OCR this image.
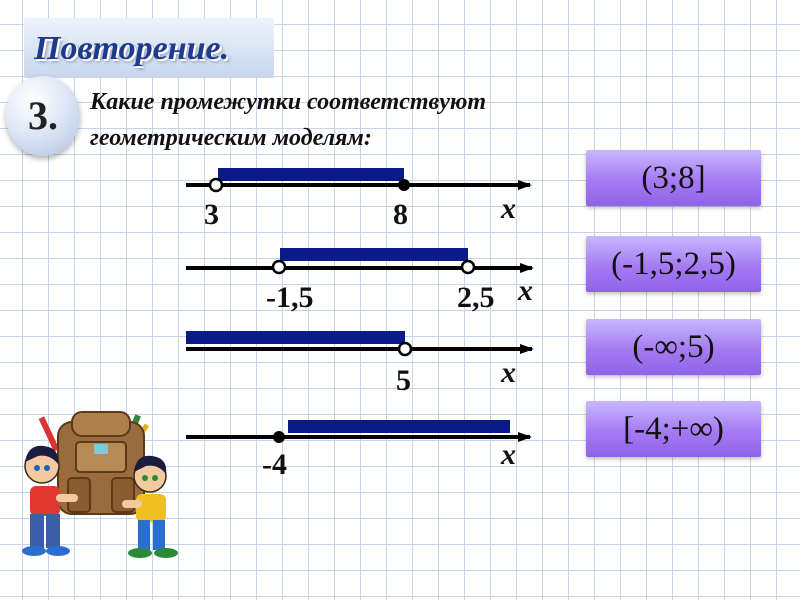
Повторение.
3.	Какие промежутки соответствуют геометрическим моделям:
3	8	x
-1,5	2,5 x
5	x
-4	x
(3;8]
(-1,5;2,5)
(-∞;5)
[-4;+∞)
